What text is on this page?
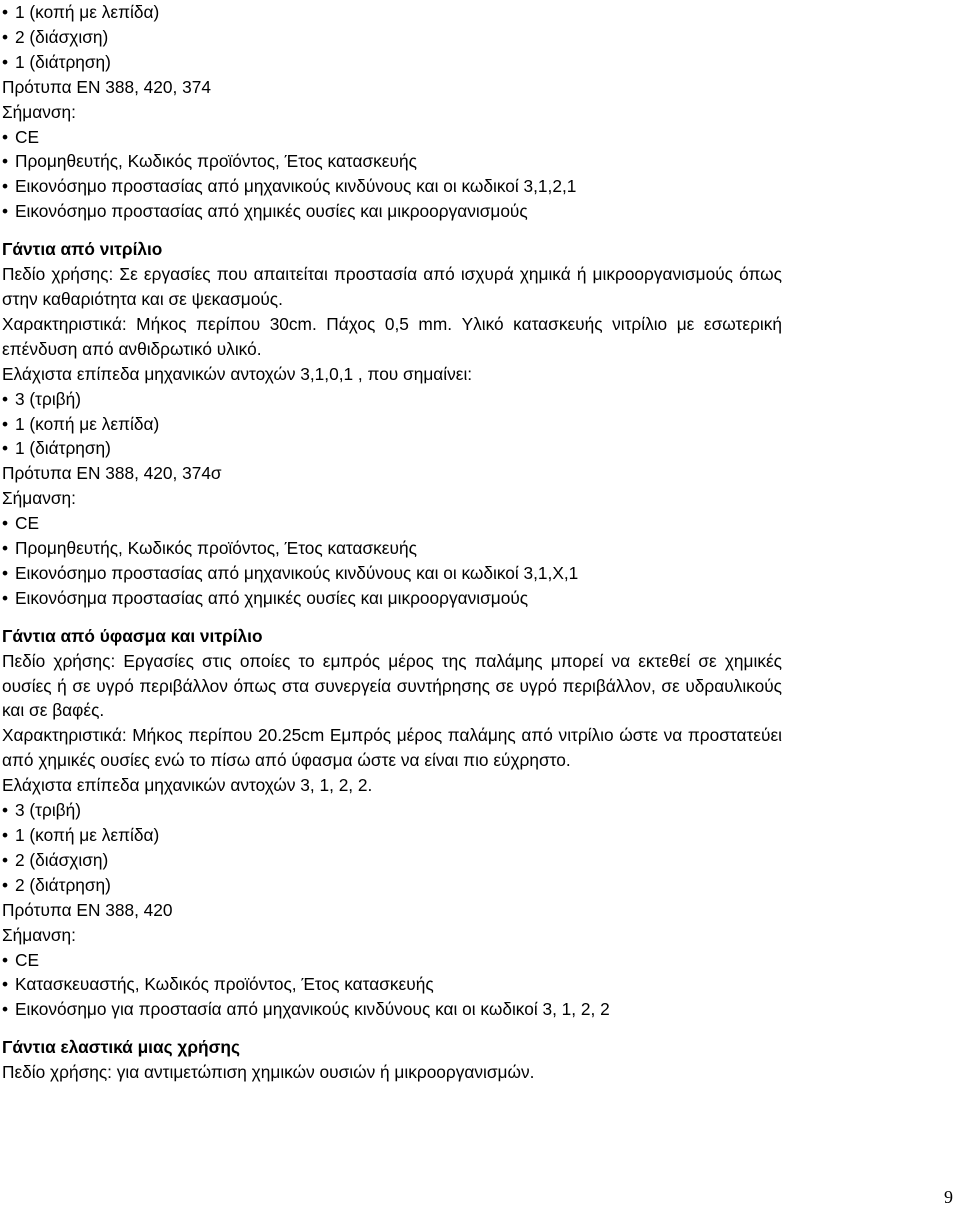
• 1 (κοπή με λεπίδα)
• 2 (διάσχιση)
• 1 (διάτρηση)
Πρότυπα EN 388, 420, 374
Σήμανση:
• CE
• Προμηθευτής, Κωδικός προϊόντος, Έτος κατασκευής
• Εικονόσημο προστασίας από μηχανικούς κινδύνους και οι κωδικοί 3,1,2,1
• Εικονόσημο προστασίας από χημικές ουσίες και μικροοργανισμούς
Γάντια από νιτρίλιο
Πεδίο χρήσης: Σε εργασίες που απαιτείται προστασία από ισχυρά χημικά ή μικροοργανισμούς όπως στην καθαριότητα και σε ψεκασμούς.
Χαρακτηριστικά: Μήκος περίπου 30cm. Πάχος 0,5 mm. Υλικό κατασκευής νιτρίλιο με εσωτερική επένδυση από ανθιδρωτικό υλικό.
Ελάχιστα επίπεδα μηχανικών αντοχών 3,1,0,1 , που σημαίνει:
• 3 (τριβή)
• 1 (κοπή με λεπίδα)
• 1 (διάτρηση)
Πρότυπα EN 388, 420, 374σ
Σήμανση:
• CE
• Προμηθευτής, Κωδικός προϊόντος, Έτος κατασκευής
• Εικονόσημο προστασίας από μηχανικούς κινδύνους και οι κωδικοί 3,1,Χ,1
• Εικονόσημα προστασίας από χημικές ουσίες και μικροοργανισμούς
Γάντια από ύφασμα και νιτρίλιο
Πεδίο χρήσης: Εργασίες στις οποίες το εμπρός μέρος της παλάμης μπορεί να εκτεθεί σε χημικές ουσίες ή σε υγρό περιβάλλον όπως στα συνεργεία συντήρησης σε υγρό περιβάλλον, σε υδραυλικούς και σε βαφές.
Χαρακτηριστικά: Μήκος περίπου 20.25cm Εμπρός μέρος παλάμης από νιτρίλιο ώστε να προστατεύει από χημικές ουσίες ενώ το πίσω από ύφασμα ώστε να είναι πιο εύχρηστο.
Ελάχιστα επίπεδα μηχανικών αντοχών 3, 1, 2, 2.
• 3 (τριβή)
• 1 (κοπή με λεπίδα)
• 2 (διάσχιση)
• 2 (διάτρηση)
Πρότυπα EN 388, 420
Σήμανση:
• CE
• Κατασκευαστής, Κωδικός προϊόντος, Έτος κατασκευής
• Εικονόσημο για προστασία από μηχανικούς κινδύνους και οι κωδικοί 3, 1, 2, 2
Γάντια ελαστικά μιας χρήσης
Πεδίο χρήσης: για αντιμετώπιση χημικών ουσιών ή μικροοργανισμών.
9
